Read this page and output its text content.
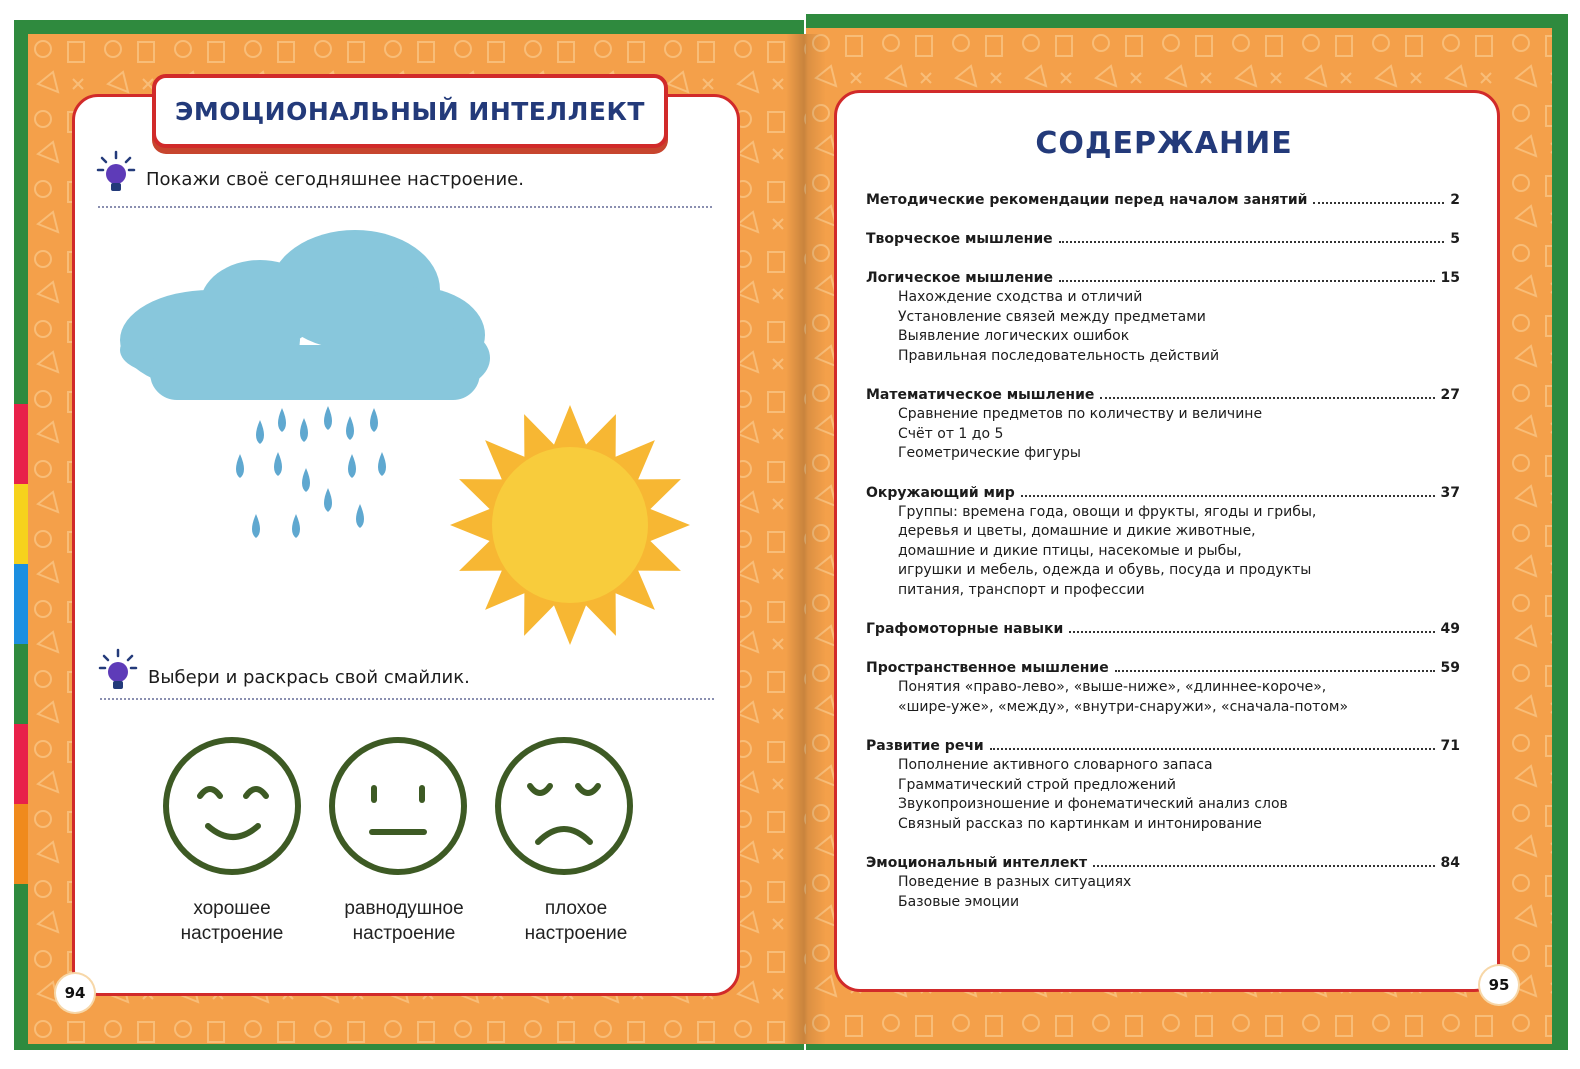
ЭМОЦИОНАЛЬНЫЙ ИНТЕЛЛЕКТ
Покажи своё сегодняшнее настроение.
Выбери и раскрась свой смайлик.
хорошее
настроение
равнодушное
настроение
плохое
настроение
94
СОДЕРЖАНИЕ
Методические рекомендации перед началом занятий	2
Творческое мышление	5
Логическое мышление	15
Нахождение сходства и отличий
Установление связей между предметами
Выявление логических ошибок
Правильная последовательность действий
Математическое мышление	27
Сравнение предметов по количеству и величине
Счёт от 1 до 5
Геометрические фигуры
Окружающий мир	37
Группы: времена года, овощи и фрукты, ягоды и грибы,
деревья и цветы, домашние и дикие животные,
домашние и дикие птицы, насекомые и рыбы,
игрушки и мебель, одежда и обувь, посуда и продукты
питания, транспорт и профессии
Графомоторные навыки	49
Пространственное мышление	59
Понятия «право-лево», «выше-ниже», «длиннее-короче»,
«шире-уже», «между», «внутри-снаружи», «сначала-потом»
Развитие речи	71
Пополнение активного словарного запаса
Грамматический строй предложений
Звукопроизношение и фонематический анализ слов
Связный рассказ по картинкам и интонирование
Эмоциональный интеллект	84
Поведение в разных ситуациях
Базовые эмоции
95
